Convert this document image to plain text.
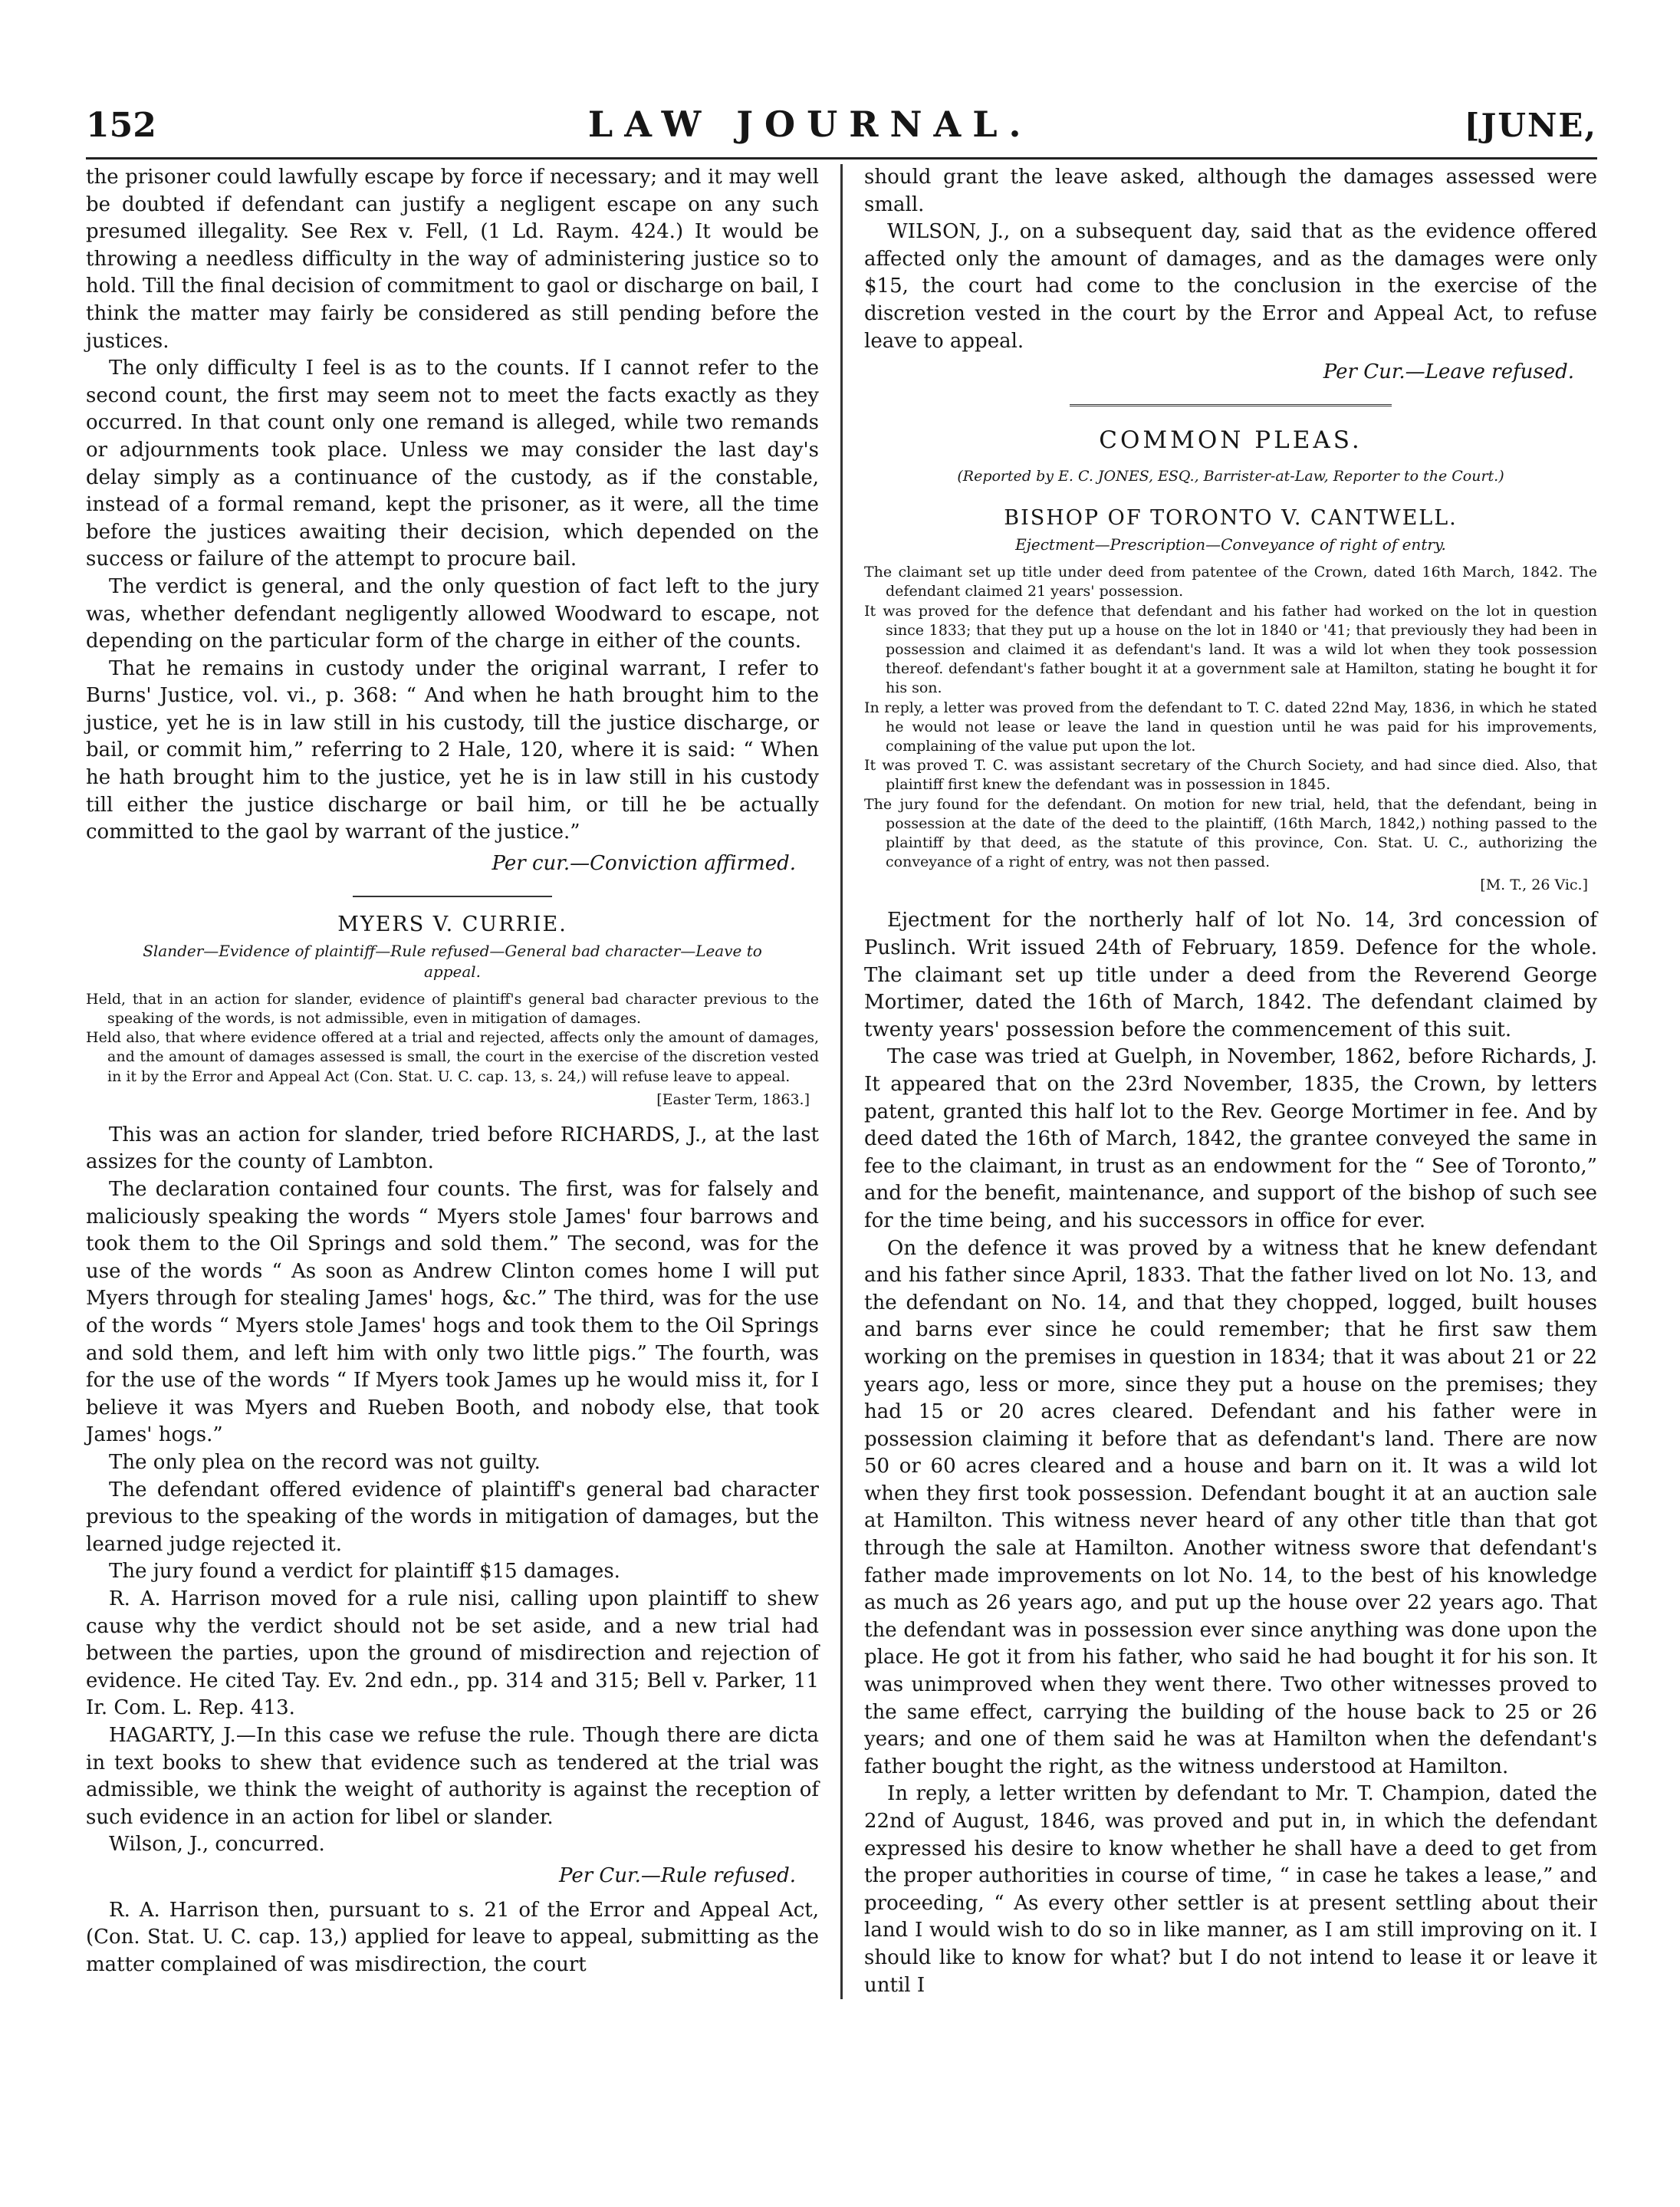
152	LAW JOURNAL.	[JUNE,

the prisoner could lawfully escape by force if necessary; and it may well be doubted if defendant can justify a negligent escape on any such presumed illegality. See Rex v. Fell, (1 Ld. Raym. 424.) It would be throwing a needless difficulty in the way of administering justice so to hold. Till the final decision of commitment to gaol or discharge on bail, I think the matter may fairly be considered as still pending before the justices.

The only difficulty I feel is as to the counts. If I cannot refer to the second count, the first may seem not to meet the facts exactly as they occurred. In that count only one remand is alleged, while two remands or adjournments took place. Unless we may consider the last day's delay simply as a continuance of the custody, as if the constable, instead of a formal remand, kept the prisoner, as it were, all the time before the justices awaiting their decision, which depended on the success or failure of the attempt to procure bail.

The verdict is general, and the only question of fact left to the jury was, whether defendant negligently allowed Woodward to escape, not depending on the particular form of the charge in either of the counts.

That he remains in custody under the original warrant, I refer to Burns' Justice, vol. vi., p. 368: “ And when he hath brought him to the justice, yet he is in law still in his custody, till the justice discharge, or bail, or commit him,” referring to 2 Hale, 120, where it is said: “ When he hath brought him to the justice, yet he is in law still in his custody till either the justice discharge or bail him, or till he be actually committed to the gaol by warrant of the justice.”

Per cur.—Conviction affirmed.
MYERS V. CURRIE.
Slander—Evidence of plaintiff—Rule refused—General bad character—Leave to appeal.

Held, that in an action for slander, evidence of plaintiff's general bad character previous to the speaking of the words, is not admissible, even in mitigation of damages.

Held also, that where evidence offered at a trial and rejected, affects only the amount of damages, and the amount of damages assessed is small, the court in the exercise of the discretion vested in it by the Error and Appeal Act (Con. Stat. U. C. cap. 13, s. 24,) will refuse leave to appeal.

[Easter Term, 1863.]

This was an action for slander, tried before RICHARDS, J., at the last assizes for the county of Lambton.

The declaration contained four counts. The first, was for falsely and maliciously speaking the words “ Myers stole James' four barrows and took them to the Oil Springs and sold them.” The second, was for the use of the words “ As soon as Andrew Clinton comes home I will put Myers through for stealing James' hogs, &c.” The third, was for the use of the words “ Myers stole James' hogs and took them to the Oil Springs and sold them, and left him with only two little pigs.” The fourth, was for the use of the words “ If Myers took James up he would miss it, for I believe it was Myers and Rueben Booth, and nobody else, that took James' hogs.”

The only plea on the record was not guilty.

The defendant offered evidence of plaintiff's general bad character previous to the speaking of the words in mitigation of damages, but the learned judge rejected it.

The jury found a verdict for plaintiff $15 damages.

R. A. Harrison moved for a rule nisi, calling upon plaintiff to shew cause why the verdict should not be set aside, and a new trial had between the parties, upon the ground of misdirection and rejection of evidence. He cited Tay. Ev. 2nd edn., pp. 314 and 315; Bell v. Parker, 11 Ir. Com. L. Rep. 413.

HAGARTY, J.—In this case we refuse the rule. Though there are dicta in text books to shew that evidence such as tendered at the trial was admissible, we think the weight of authority is against the reception of such evidence in an action for libel or slander.

Wilson, J., concurred.

Per Cur.—Rule refused.

R. A. Harrison then, pursuant to s. 21 of the Error and Appeal Act, (Con. Stat. U. C. cap. 13,) applied for leave to appeal, submitting as the matter complained of was misdirection, the court

should grant the leave asked, although the damages assessed were small.

WILSON, J., on a subsequent day, said that as the evidence offered affected only the amount of damages, and as the damages were only $15, the court had come to the conclusion in the exercise of the discretion vested in the court by the Error and Appeal Act, to refuse leave to appeal.

Per Cur.—Leave refused.
COMMON PLEAS.
(Reported by E. C. JONES, ESQ., Barrister-at-Law, Reporter to the Court.)
BISHOP OF TORONTO V. CANTWELL.
Ejectment—Prescription—Conveyance of right of entry.

The claimant set up title under deed from patentee of the Crown, dated 16th March, 1842. The defendant claimed 21 years' possession.

It was proved for the defence that defendant and his father had worked on the lot in question since 1833; that they put up a house on the lot in 1840 or '41; that previously they had been in possession and claimed it as defendant's land. It was a wild lot when they took possession thereof. defendant's father bought it at a government sale at Hamilton, stating he bought it for his son.

In reply, a letter was proved from the defendant to T. C. dated 22nd May, 1836, in which he stated he would not lease or leave the land in question until he was paid for his improvements, complaining of the value put upon the lot.

It was proved T. C. was assistant secretary of the Church Society, and had since died. Also, that plaintiff first knew the defendant was in possession in 1845.

The jury found for the defendant. On motion for new trial, held, that the defendant, being in possession at the date of the deed to the plaintiff, (16th March, 1842,) nothing passed to the plaintiff by that deed, as the statute of this province, Con. Stat. U. C., authorizing the conveyance of a right of entry, was not then passed.

[M. T., 26 Vic.]

Ejectment for the northerly half of lot No. 14, 3rd concession of Puslinch. Writ issued 24th of February, 1859. Defence for the whole. The claimant set up title under a deed from the Reverend George Mortimer, dated the 16th of March, 1842. The defendant claimed by twenty years' possession before the commencement of this suit.

The case was tried at Guelph, in November, 1862, before Richards, J. It appeared that on the 23rd November, 1835, the Crown, by letters patent, granted this half lot to the Rev. George Mortimer in fee. And by deed dated the 16th of March, 1842, the grantee conveyed the same in fee to the claimant, in trust as an endowment for the “ See of Toronto,” and for the benefit, maintenance, and support of the bishop of such see for the time being, and his successors in office for ever.

On the defence it was proved by a witness that he knew defendant and his father since April, 1833. That the father lived on lot No. 13, and the defendant on No. 14, and that they chopped, logged, built houses and barns ever since he could remember; that he first saw them working on the premises in question in 1834; that it was about 21 or 22 years ago, less or more, since they put a house on the premises; they had 15 or 20 acres cleared. Defendant and his father were in possession claiming it before that as defendant's land. There are now 50 or 60 acres cleared and a house and barn on it. It was a wild lot when they first took possession. Defendant bought it at an auction sale at Hamilton. This witness never heard of any other title than that got through the sale at Hamilton. Another witness swore that defendant's father made improvements on lot No. 14, to the best of his knowledge as much as 26 years ago, and put up the house over 22 years ago. That the defendant was in possession ever since anything was done upon the place. He got it from his father, who said he had bought it for his son. It was unimproved when they went there. Two other witnesses proved to the same effect, carrying the building of the house back to 25 or 26 years; and one of them said he was at Hamilton when the defendant's father bought the right, as the witness understood at Hamilton.

In reply, a letter written by defendant to Mr. T. Champion, dated the 22nd of August, 1846, was proved and put in, in which the defendant expressed his desire to know whether he shall have a deed to get from the proper authorities in course of time, “ in case he takes a lease,” and proceeding, “ As every other settler is at present settling about their land I would wish to do so in like manner, as I am still improving on it. I should like to know for what? but I do not intend to lease it or leave it until I
